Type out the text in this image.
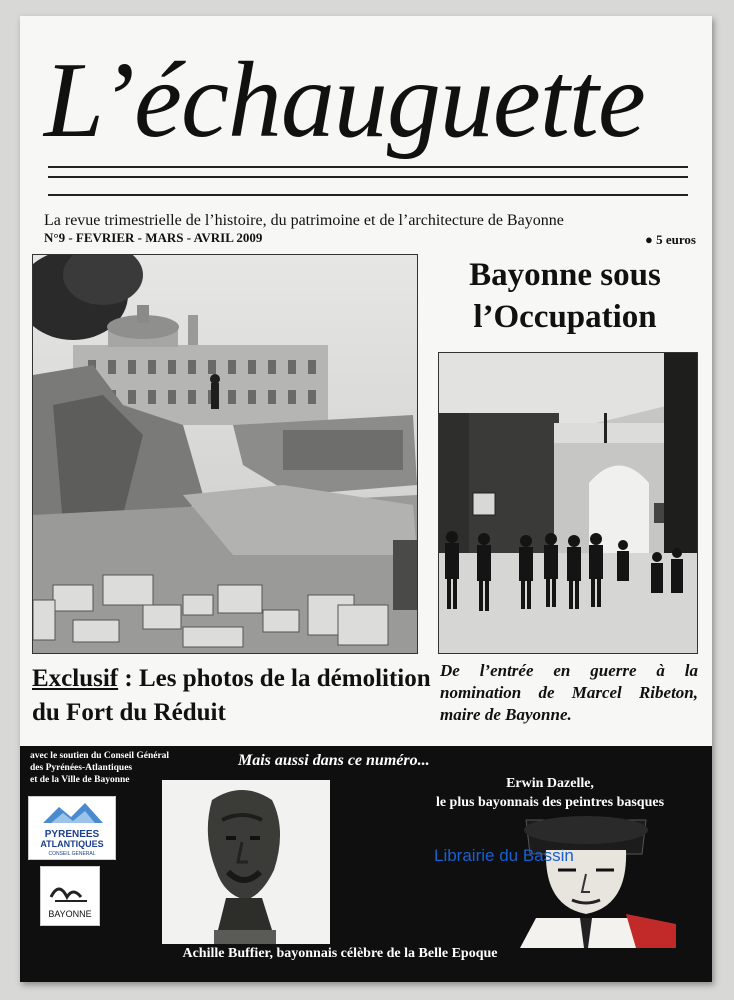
L’échauguette
La revue trimestrielle de l’histoire, du patrimoine et de l’architecture de Bayonne
N°9 - FEVRIER - MARS - AVRIL 2009	● 5 euros
Bayonne sous
l’Occupation
Exclusif : Les photos de la démolition du Fort du Réduit
De l’entrée en guerre à la nomination de Marcel Ribeton, maire de Bayonne.
avec le soutien du Conseil Général
des Pyrénées-Atlantiques
et de la Ville de Bayonne
Mais aussi dans ce numéro...
Erwin Dazelle,
le plus bayonnais des peintres basques
PYRENEES
ATLANTIQUES
CONSEIL GENERAL
BAYONNE
Librairie du Bassin
Achille Buffier, bayonnais célèbre de la Belle Epoque
